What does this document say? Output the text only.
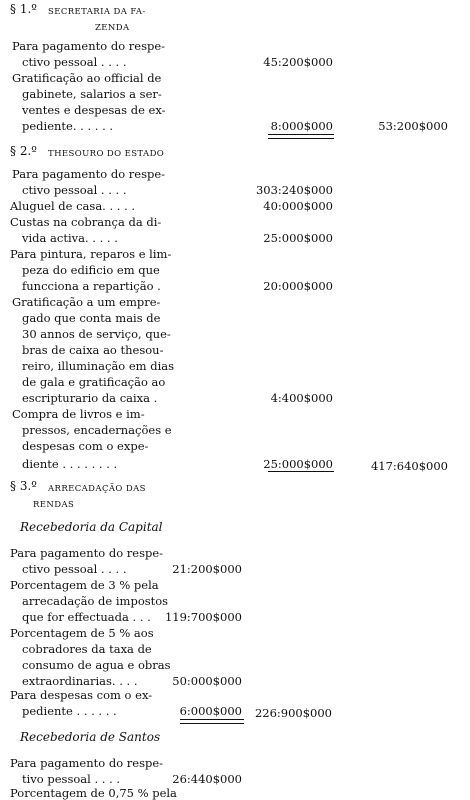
§ 1.º SECRETARIA DA FA-
ZENDA
Para pagamento do respe-
ctivo pessoal . . . .	45:200$000
Gratificação ao official de
gabinete, salarios a ser-
ventes e despesas de ex-
pediente. . . . . .	8:000$000	53:200$000
§ 2.º THESOURO DO ESTADO
Para pagamento do respe-
ctivo pessoal . . . .	303:240$000
Aluguel de casa. . . . .	40:000$000
Custas na cobrança da di-
vida activa. . . . .	25:000$000
Para pintura, reparos e lim-
peza do edificio em que
funcciona a repartição .	20:000$000
Gratificação a um empre-
gado que conta mais de
30 annos de serviço, que-
bras de caixa ao thesou-
reiro, illuminação em dias
de gala e gratificação ao
escripturario da caixa .	4:400$000
Compra de livros e im-
pressos, encadernações e
despesas com o expe-
diente . . . . . . . .	25:000$000	417:640$000
§ 3.º ARRECADAÇÃO DAS
RENDAS
Recebedoria da Capital
Para pagamento do respe-
ctivo pessoal . . . .	21:200$000
Porcentagem de 3 % pela
arrecadação de impostos
que for effectuada . . . 119:700$000
Porcentagem de 5 % aos
cobradores da taxa de
consumo de agua e obras
extraordinarias. . . .	50:000$000
Para despesas com o ex-
pediente . . . . . .	6:000$000 226:900$000
Recebedoria de Santos
Para pagamento do respe-
tivo pessoal . . . .	26:440$000
Porcentagem de 0,75 % pela
